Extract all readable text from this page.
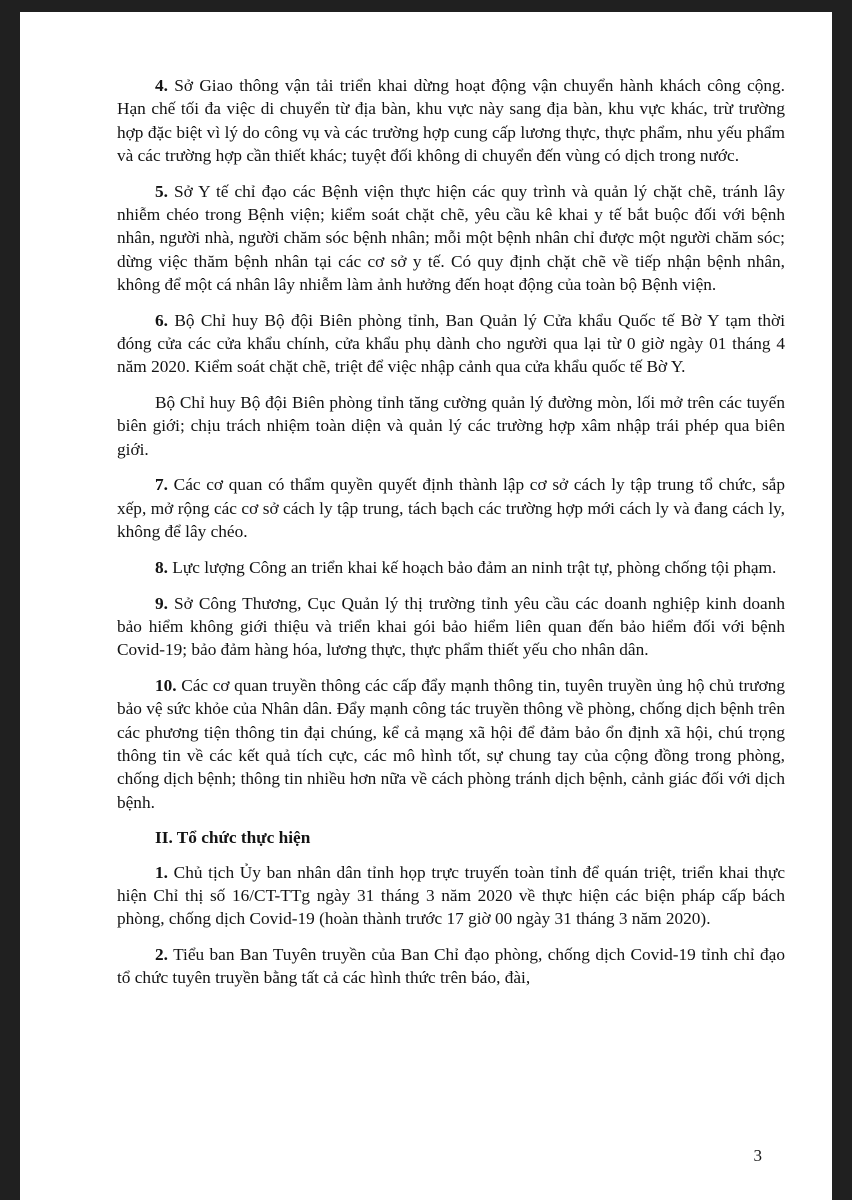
4. Sở Giao thông vận tải triển khai dừng hoạt động vận chuyển hành khách công cộng. Hạn chế tối đa việc di chuyển từ địa bàn, khu vực này sang địa bàn, khu vực khác, trừ trường hợp đặc biệt vì lý do công vụ và các trường hợp cung cấp lương thực, thực phẩm, nhu yếu phẩm và các trường hợp cần thiết khác; tuyệt đối không di chuyển đến vùng có dịch trong nước.

5. Sở Y tế chỉ đạo các Bệnh viện thực hiện các quy trình và quản lý chặt chẽ, tránh lây nhiễm chéo trong Bệnh viện; kiểm soát chặt chẽ, yêu cầu kê khai y tế bắt buộc đối với bệnh nhân, người nhà, người chăm sóc bệnh nhân; mỗi một bệnh nhân chỉ được một người chăm sóc; dừng việc thăm bệnh nhân tại các cơ sở y tế. Có quy định chặt chẽ về tiếp nhận bệnh nhân, không để một cá nhân lây nhiễm làm ảnh hưởng đến hoạt động của toàn bộ Bệnh viện.

6. Bộ Chỉ huy Bộ đội Biên phòng tỉnh, Ban Quản lý Cửa khẩu Quốc tế Bờ Y tạm thời đóng cửa các cửa khẩu chính, cửa khẩu phụ dành cho người qua lại từ 0 giờ ngày 01 tháng 4 năm 2020. Kiểm soát chặt chẽ, triệt để việc nhập cảnh qua cửa khẩu quốc tế Bờ Y.

Bộ Chỉ huy Bộ đội Biên phòng tỉnh tăng cường quản lý đường mòn, lối mở trên các tuyến biên giới; chịu trách nhiệm toàn diện và quản lý các trường hợp xâm nhập trái phép qua biên giới.

7. Các cơ quan có thẩm quyền quyết định thành lập cơ sở cách ly tập trung tổ chức, sắp xếp, mở rộng các cơ sở cách ly tập trung, tách bạch các trường hợp mới cách ly và đang cách ly, không để lây chéo.

8. Lực lượng Công an triển khai kế hoạch bảo đảm an ninh trật tự, phòng chống tội phạm.

9. Sở Công Thương, Cục Quản lý thị trường tỉnh yêu cầu các doanh nghiệp kinh doanh bảo hiểm không giới thiệu và triển khai gói bảo hiểm liên quan đến bảo hiểm đối với bệnh Covid-19; bảo đảm hàng hóa, lương thực, thực phẩm thiết yếu cho nhân dân.

10. Các cơ quan truyền thông các cấp đẩy mạnh thông tin, tuyên truyền ủng hộ chủ trương bảo vệ sức khỏe của Nhân dân. Đẩy mạnh công tác truyền thông về phòng, chống dịch bệnh trên các phương tiện thông tin đại chúng, kể cả mạng xã hội để đảm bảo ổn định xã hội, chú trọng thông tin về các kết quả tích cực, các mô hình tốt, sự chung tay của cộng đồng trong phòng, chống dịch bệnh; thông tin nhiều hơn nữa về cách phòng tránh dịch bệnh, cảnh giác đối với dịch bệnh.

II. Tổ chức thực hiện

1. Chủ tịch Ủy ban nhân dân tỉnh họp trực truyến toàn tỉnh để quán triệt, triển khai thực hiện Chỉ thị số 16/CT-TTg ngày 31 tháng 3 năm 2020 về thực hiện các biện pháp cấp bách phòng, chống dịch Covid-19 (hoàn thành trước 17 giờ 00 ngày 31 tháng 3 năm 2020).

2. Tiểu ban Ban Tuyên truyền của Ban Chỉ đạo phòng, chống dịch Covid-19 tỉnh chỉ đạo tổ chức tuyên truyền bằng tất cả các hình thức trên báo, đài,

3
